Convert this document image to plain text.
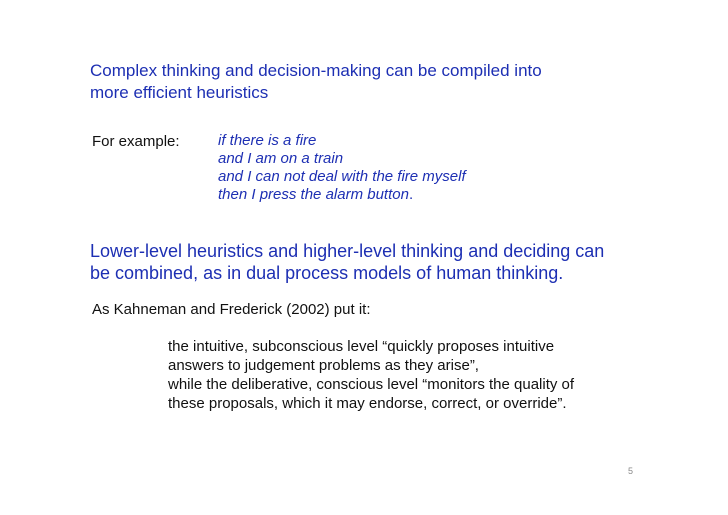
Complex thinking and decision-making can be compiled into
more efficient heuristics
For example:	if there is a fire
and I am on a train
and I can not deal with the fire myself
then I press the alarm button.
Lower-level heuristics and higher-level thinking and deciding can
be combined, as in dual process models of human thinking.
As Kahneman and Frederick (2002) put it:
the intuitive, subconscious level “quickly proposes intuitive
answers to judgement problems as they arise”,
while the deliberative, conscious level “monitors the quality of
these proposals, which it may endorse, correct, or override”.
5
